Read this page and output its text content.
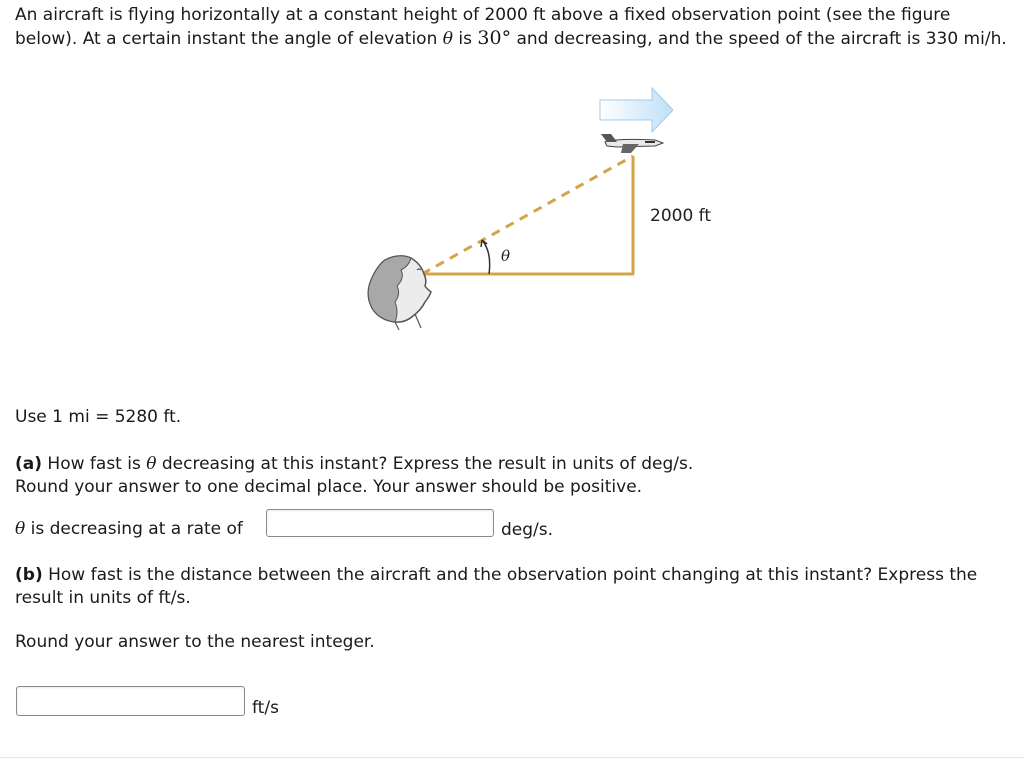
An aircraft is flying horizontally at a constant height of 2000 ft above a fixed observation point (see the figure below). At a certain instant the angle of elevation θ is 30° and decreasing, and the speed of the aircraft is 330 mi/h.
θ
2000 ft
Use 1 mi = 5280 ft.
(a) How fast is θ decreasing at this instant? Express the result in units of deg/s.
Round your answer to one decimal place. Your answer should be positive.
θ is decreasing at a rate of	deg/s.
(b) How fast is the distance between the aircraft and the observation point changing at this instant? Express the result in units of ft/s.
Round your answer to the nearest integer.
ft/s
